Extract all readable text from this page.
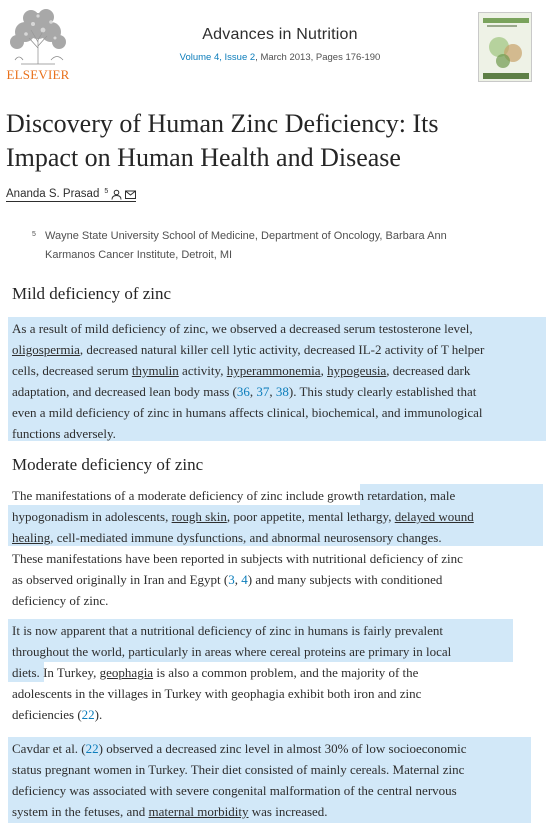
ELSEVIER
Advances in Nutrition
Volume 4, Issue 2, March 2013, Pages 176-190
Discovery of Human Zinc Deficiency: Its
Impact on Human Health and Disease
Ananda S. Prasad $^5$
5 Wayne State University School of Medicine, Department of Oncology, Barbara Ann
Karmanos Cancer Institute, Detroit, MI
Mild deficiency of zinc
As a result of mild deficiency of zinc, we observed a decreased serum testosterone level,
oligospermia, decreased natural killer cell lytic activity, decreased IL-2 activity of T helper
cells, decreased serum thymulin activity, hyperammonemia, hypogeusia, decreased dark
adaptation, and decreased lean body mass (36, 37, 38). This study clearly established that
even a mild deficiency of zinc in humans affects clinical, biochemical, and immunological
functions adversely.
Moderate deficiency of zinc
The manifestations of a moderate deficiency of zinc include growth retardation, male
hypogonadism in adolescents, rough skin, poor appetite, mental lethargy, delayed wound
healing, cell-mediated immune dysfunctions, and abnormal neurosensory changes.
These manifestations have been reported in subjects with nutritional deficiency of zinc
as observed originally in Iran and Egypt (3, 4) and many subjects with conditioned
deficiency of zinc.
It is now apparent that a nutritional deficiency of zinc in humans is fairly prevalent
throughout the world, particularly in areas where cereal proteins are primary in local
diets. In Turkey, geophagia is also a common problem, and the majority of the
adolescents in the villages in Turkey with geophagia exhibit both iron and zinc
deficiencies (22).
Cavdar et al. (22) observed a decreased zinc level in almost 30% of low socioeconomic
status pregnant women in Turkey. Their diet consisted of mainly cereals. Maternal zinc
deficiency was associated with severe congenital malformation of the central nervous
system in the fetuses, and maternal morbidity was increased.
